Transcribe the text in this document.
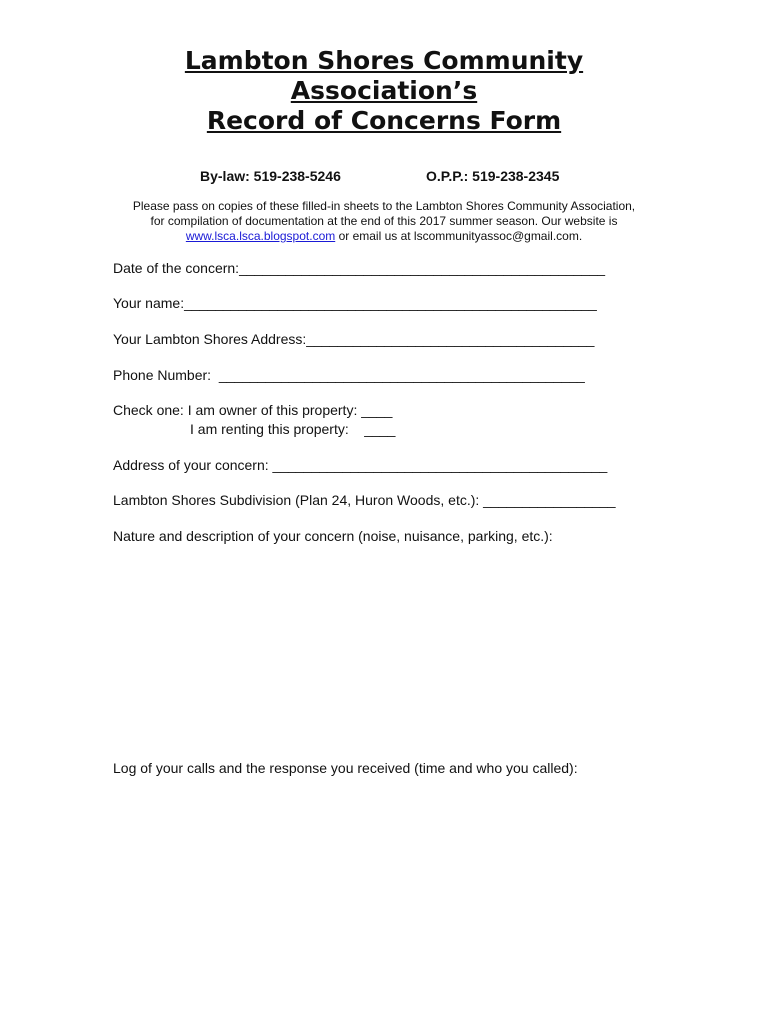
Lambton Shores Community
Association’s
Record of Concerns Form
By-law: 519-238-5246	O.P.P.: 519-238-2345
Please pass on copies of these filled-in sheets to the Lambton Shores Community Association,
for compilation of documentation at the end of this 2017 summer season. Our website is
www.lsca.lsca.blogspot.com or email us at lscommunityassoc@gmail.com.
Date of the concern:_______________________________________________
Your name:_____________________________________________________
Your Lambton Shores Address:_____________________________________
Phone Number:  _______________________________________________
Check one: I am owner of this property: ____
I am renting this property:    ____
Address of your concern: ___________________________________________
Lambton Shores Subdivision (Plan 24, Huron Woods, etc.): _________________
Nature and description of your concern (noise, nuisance, parking, etc.):
Log of your calls and the response you received (time and who you called):
